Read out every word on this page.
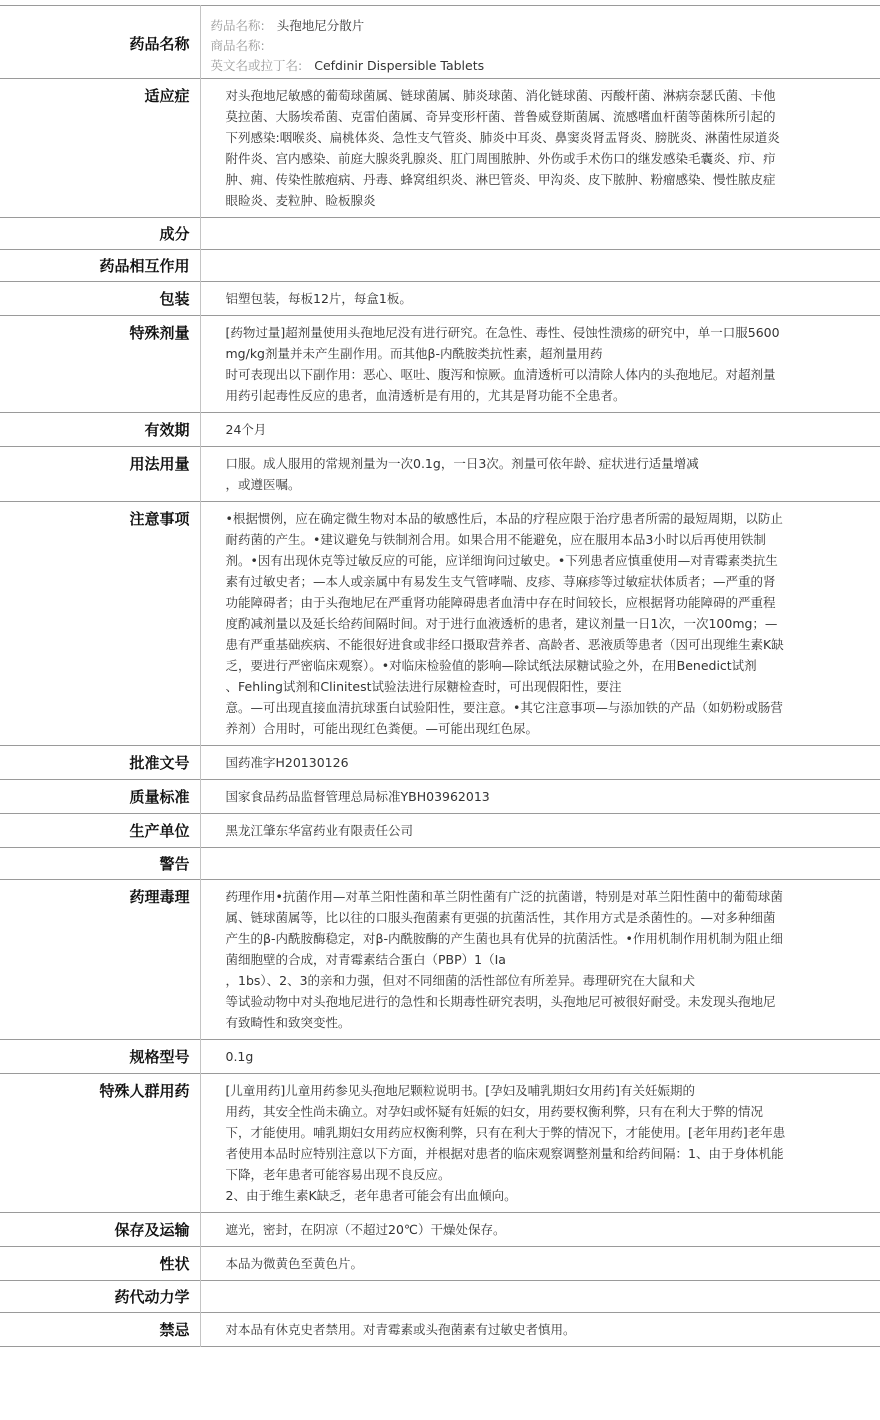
药品名称	药品名称: 头孢地尼分散片
商品名称:
英文名或拉丁名: Cefdinir Dispersible Tablets

适应症	对头孢地尼敏感的葡萄球菌属、链球菌属、肺炎球菌、消化链球菌、丙酸杆菌、淋病奈瑟氏菌、卡他莫拉菌、大肠埃希菌、克雷伯菌属、奇异变形杆菌、普鲁威登斯菌属、流感嗜血杆菌等菌株所引起的下列感染:咽喉炎、扁桃体炎、急性支气管炎、肺炎中耳炎、鼻窦炎肾盂肾炎、膀胱炎、淋菌性尿道炎附件炎、宫内感染、前庭大腺炎乳腺炎、肛门周围脓肿、外伤或手术伤口的继发感染毛囊炎、疖、疖肿、痈、传染性脓疱病、丹毒、蜂窝组织炎、淋巴管炎、甲沟炎、皮下脓肿、粉瘤感染、慢性脓皮症眼睑炎、麦粒肿、睑板腺炎
成分	
药品相互作用	
包装	铝塑包装，每板12片，每盒1板。
特殊剂量	[药物过量]超剂量使用头孢地尼没有进行研究。在急性、毒性、侵蚀性溃疡的研究中，单一口服5600mg/kg剂量并未产生副作用。而其他β-内酰胺类抗性素，超剂量用药
时可表现出以下副作用：恶心、呕吐、腹泻和惊厥。血清透析可以清除人体内的头孢地尼。对超剂量用药引起毒性反应的患者，血清透析是有用的，尤其是肾功能不全患者。
有效期	24个月
用法用量	口服。成人服用的常规剂量为一次0.1g，一日3次。剂量可依年龄、症状进行适量增减
，或遵医嘱。
注意事项	•根据惯例，应在确定微生物对本品的敏感性后，本品的疗程应限于治疗患者所需的最短周期，以防止耐药菌的产生。•建议避免与铁制剂合用。如果合用不能避免，应在服用本品3小时以后再使用铁制剂。•因有出现休克等过敏反应的可能，应详细询问过敏史。•下列患者应慎重使用—对青霉素类抗生素有过敏史者；—本人或亲属中有易发生支气管哮喘、皮疹、荨麻疹等过敏症状体质者；—严重的肾功能障碍者；由于头孢地尼在严重肾功能障碍患者血清中存在时间较长，应根据肾功能障碍的严重程度酌减剂量以及延长给药间隔时间。对于进行血液透析的患者，建议剂量一日1次，一次100mg；—患有严重基础疾病、不能很好进食或非经口摄取营养者、高龄者、恶液质等患者（因可出现维生素K缺乏，要进行严密临床观察）。•对临床检验值的影响—除试纸法尿糖试验之外，在用Benedict试剂
、Fehling试剂和Clinitest试验法进行尿糖检查时，可出现假阳性，要注
意。—可出现直接血清抗球蛋白试验阳性，要注意。•其它注意事项—与添加铁的产品（如奶粉或肠营养剂）合用时，可能出现红色粪便。—可能出现红色尿。
批准文号	国药准字H20130126
质量标准	国家食品药品监督管理总局标准YBH03962013
生产单位	黑龙江肇东华富药业有限责任公司
警告	
药理毒理	药理作用•抗菌作用—对革兰阳性菌和革兰阴性菌有广泛的抗菌谱，特别是对革兰阳性菌中的葡萄球菌属、链球菌属等，比以往的口服头孢菌素有更强的抗菌活性，其作用方式是杀菌性的。—对多种细菌产生的β-内酰胺酶稳定，对β-内酰胺酶的产生菌也具有优异的抗菌活性。•作用机制作用机制为阻止细菌细胞壁的合成，对青霉素结合蛋白（PBP）1（Ia
，1bs）、2、3的亲和力强，但对不同细菌的活性部位有所差异。毒理研究在大鼠和犬
等试验动物中对头孢地尼进行的急性和长期毒性研究表明，头孢地尼可被很好耐受。未发现头孢地尼有致畸性和致突变性。
规格型号	0.1g
特殊人群用药	[儿童用药]儿童用药参见头孢地尼颗粒说明书。[孕妇及哺乳期妇女用药]有关妊娠期的
用药，其安全性尚未确立。对孕妇或怀疑有妊娠的妇女，用药要权衡利弊，只有在利大于弊的情况下，才能使用。哺乳期妇女用药应权衡利弊，只有在利大于弊的情况下，才能使用。[老年用药]老年患者使用本品时应特别注意以下方面，并根据对患者的临床观察调整剂量和给药间隔：1、由于身体机能下降，老年患者可能容易出现不良反应。
2、由于维生素K缺乏，老年患者可能会有出血倾向。
保存及运输	遮光，密封，在阴凉（不超过20℃）干燥处保存。
性状	本品为微黄色至黄色片。
药代动力学	
禁忌	对本品有休克史者禁用。对青霉素或头孢菌素有过敏史者慎用。
